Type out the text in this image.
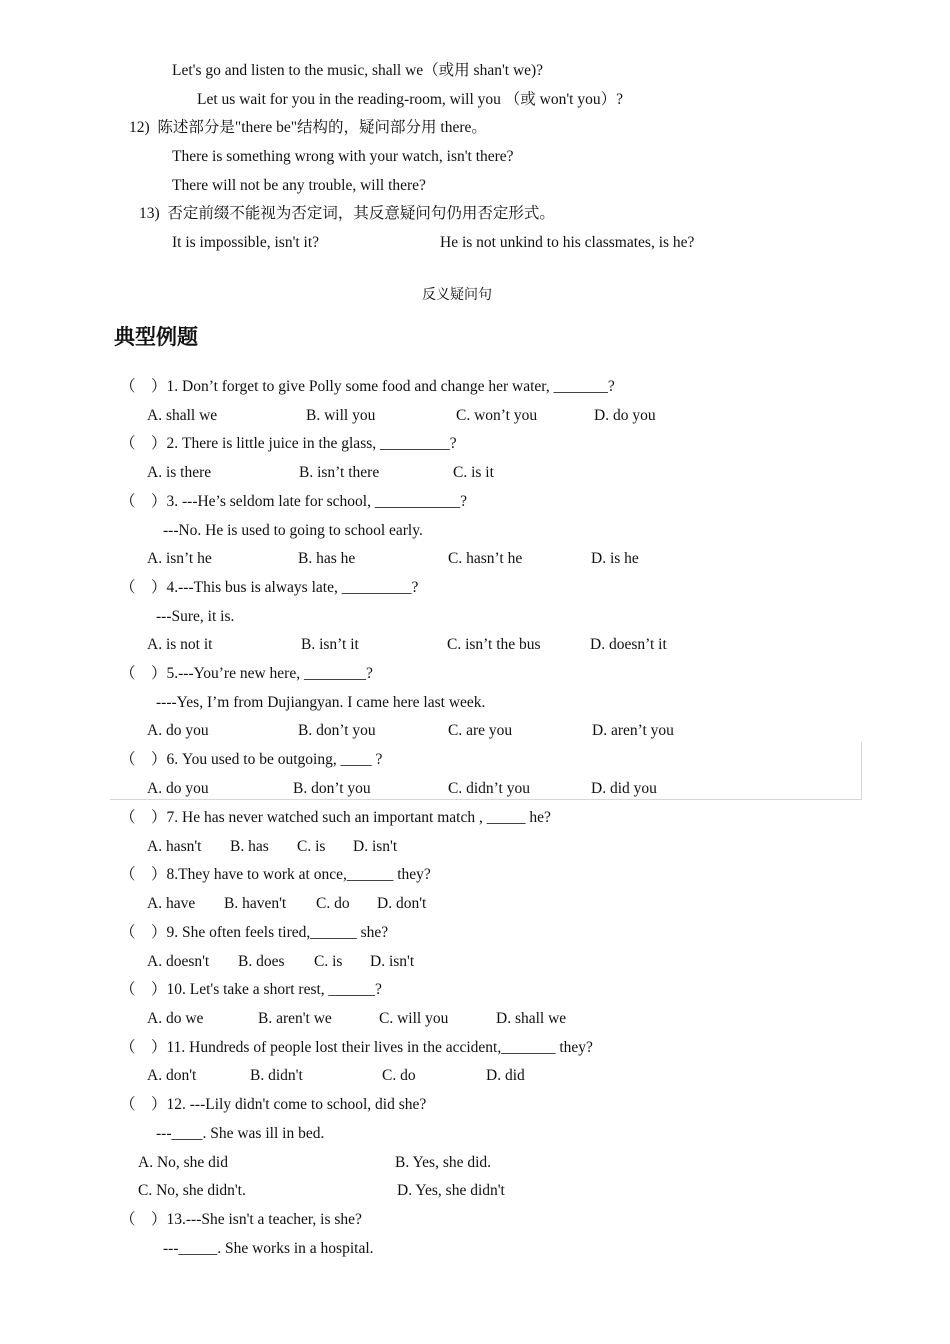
Let's go and listen to the music, shall we（或用 shan't we)?
Let us wait for you in the reading-room, will you （或 won't you）?
12)  陈述部分是"there be"结构的，疑问部分用 there。
There is something wrong with your watch, isn't there?
There will not be any trouble, will there?
13)  否定前缀不能视为否定词，其反意疑问句仍用否定形式。
It is impossible, isn't it?	He is not unkind to his classmates, is he?
反义疑问句
典型例题
（    ）1. Don’t forget to give Polly some food and change her water, _______?
A. shall we	B. will you	C. won’t you	D. do you
（    ）2. There is little juice in the glass, _________?
A. is there	B. isn’t there	C. is it
（    ）3. ---He’s seldom late for school, ___________?
---No. He is used to going to school early.
A. isn’t he	B. has he	C. hasn’t he	D. is he
（    ）4.---This bus is always late, _________?
---Sure, it is.
A. is not it	B. isn’t it	C. isn’t the bus	D. doesn’t it
（    ）5.---You’re new here, ________?
----Yes, I’m from Dujiangyan. I came here last week.
A. do you	B. don’t you	C. are you	D. aren’t you
（    ）6. You used to be outgoing, ____ ?
A. do you	B. don’t you	C. didn’t you	D. did you
（    ）7. He has never watched such an important match , _____ he?
A. hasn't B. has C. is D. isn't
（    ）8.They have to work at once,______ they?
A. have B. haven't C. do D. don't
（    ）9. She often feels tired,______ she?
A. doesn't B. does C. is D. isn't
（    ）10. Let's take a short rest, ______?
A. do we	B. aren't we	C. will you	D. shall we
（    ）11. Hundreds of people lost their lives in the accident,_______ they?
A. don't	B. didn't	C. do	D. did
（    ）12. ---Lily didn't come to school, did she?
---____. She was ill in bed.
A. No, she did	B. Yes, she did.
C. No, she didn't.	D. Yes, she didn't
（    ）13.---She isn't a teacher, is she?
---_____. She works in a hospital.
